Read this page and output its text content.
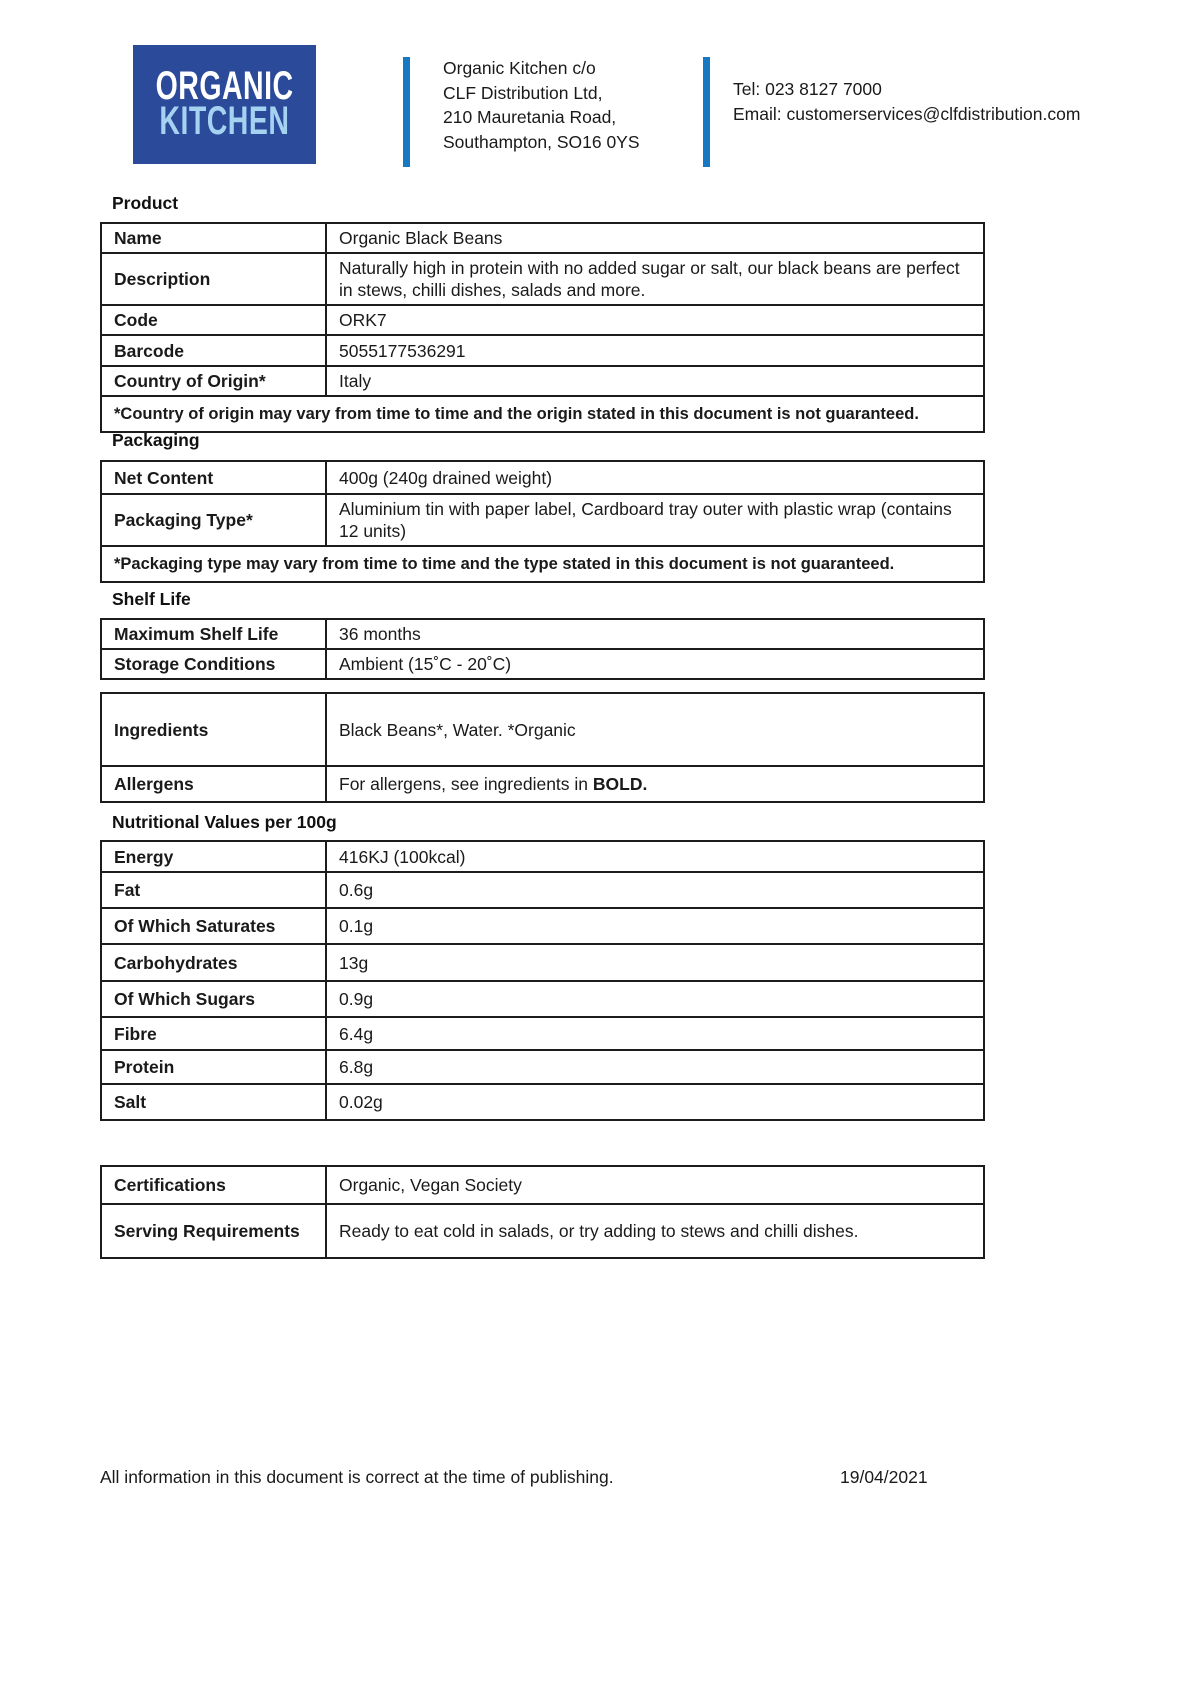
ORGANIC
KITCHEN
Organic Kitchen c/o
CLF Distribution Ltd,
210 Mauretania Road,
Southampton, SO16 0YS
Tel: 023 8127 7000
Email: customerservices@clfdistribution.com
Product
Name	Organic Black Beans
Description	Naturally high in protein with no added sugar or salt, our black beans are perfect in stews, chilli dishes, salads and more.
Code	ORK7
Barcode	5055177536291
Country of Origin*	Italy
*Country of origin may vary from time to time and the origin stated in this document is not guaranteed.	
Packaging
Net Content	400g (240g drained weight)
Packaging Type*	Aluminium tin with paper label, Cardboard tray outer with plastic wrap (contains 12 units)
*Packaging type may vary from time to time and the type stated in this document is not guaranteed.	
Shelf Life
Maximum Shelf Life	36 months
Storage Conditions	Ambient (15˚C - 20˚C)
Ingredients	Black Beans*, Water. *Organic
Allergens	For allergens, see ingredients in BOLD.
Nutritional Values per 100g
Energy	416KJ (100kcal)
Fat	0.6g
Of Which Saturates	0.1g
Carbohydrates	13g
Of Which Sugars	0.9g
Fibre	6.4g
Protein	6.8g
Salt	0.02g
Certifications	Organic, Vegan Society
Serving Requirements	Ready to eat cold in salads, or try adding to stews and chilli dishes.
All information in this document is correct at the time of publishing.	19/04/2021
